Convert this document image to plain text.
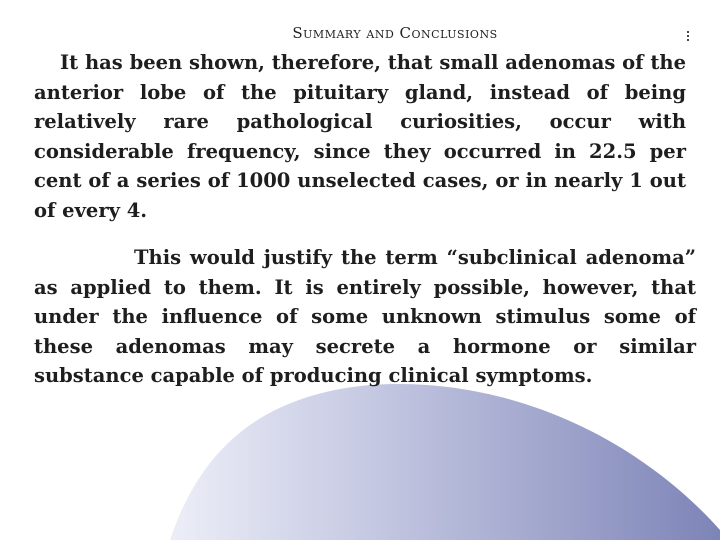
Summary and Conclusions

It has been shown, therefore, that small adenomas of the anterior lobe of the pituitary gland, instead of being relatively rare pathological curiosities, occur with considerable frequency, since they occurred in 22.5 per cent of a series of 1000 unselected cases, or in nearly 1 out of every 4.

This would justify the term “subclinical adenoma” as applied to them. It is entirely possible, however, that under the influence of some unknown stimulus some of these adenomas may secrete a hormone or similar substance capable of producing clinical symptoms.
